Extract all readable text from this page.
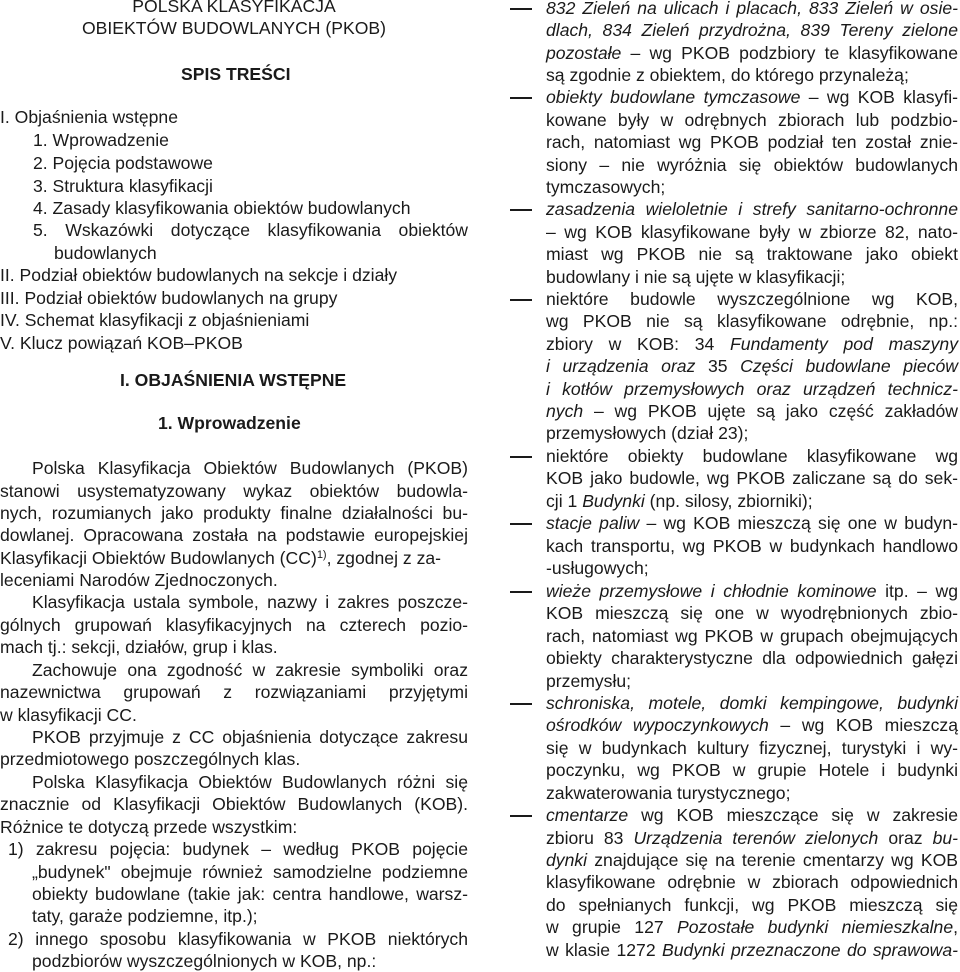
POLSKA KLASYFIKACJA
OBIEKTÓW BUDOWLANYCH (PKOB)
SPIS TREŚCI
I. Objaśnienia wstępne
1. Wprowadzenie
2. Pojęcia podstawowe
3. Struktura klasyfikacji
4. Zasady klasyfikowania obiektów budowlanych
5. Wskazówki dotyczące klasyfikowania obiektów
budowlanych
II. Podział obiektów budowlanych na sekcje i działy
III. Podział obiektów budowlanych na grupy
IV. Schemat klasyfikacji z objaśnieniami
V. Klucz powiązań KOB–PKOB
I. OBJAŚNIENIA WSTĘPNE
1. Wprowadzenie
Polska Klasyfikacja Obiektów Budowlanych (PKOB)
stanowi usystematyzowany wykaz obiektów budowla-
nych, rozumianych jako produkty finalne działalności bu-
dowlanej. Opracowana została na podstawie europejskiej
Klasyfikacji Obiektów Budowlanych (CC)$^{1)}$, zgodnej z za-
leceniami Narodów Zjednoczonych.
Klasyfikacja ustala symbole, nazwy i zakres poszcze-
gólnych grupowań klasyfikacyjnych na czterech pozio-
mach tj.: sekcji, działów, grup i klas.
Zachowuje ona zgodność w zakresie symboliki oraz
nazewnictwa grupowań z rozwiązaniami przyjętymi
w klasyfikacji CC.
PKOB przyjmuje z CC objaśnienia dotyczące zakresu
przedmiotowego poszczególnych klas.
Polska Klasyfikacja Obiektów Budowlanych różni się
znacznie od Klasyfikacji Obiektów Budowlanych (KOB).
Różnice te dotyczą przede wszystkim:
1) zakresu pojęcia: budynek – według PKOB pojęcie
„budynek" obejmuje również samodzielne podziemne
obiekty budowlane (takie jak: centra handlowe, warsz-
taty, garaże podziemne, itp.);
2) innego sposobu klasyfikowania w PKOB niektórych
podzbiorów wyszczególnionych w KOB, np.:
832 Zieleń na ulicach i placach, 833 Zieleń w osie-
dlach, 834 Zieleń przydrożna, 839 Tereny zielone
pozostałe – wg PKOB podzbiory te klasyfikowane
są zgodnie z obiektem, do którego przynależą;
obiekty budowlane tymczasowe – wg KOB klasyfi-
kowane były w odrębnych zbiorach lub podzbio-
rach, natomiast wg PKOB podział ten został znie-
siony – nie wyróżnia się obiektów budowlanych
tymczasowych;
zasadzenia wieloletnie i strefy sanitarno-ochronne
– wg KOB klasyfikowane były w zbiorze 82, nato-
miast wg PKOB nie są traktowane jako obiekt
budowlany i nie są ujęte w klasyfikacji;
niektóre budowle wyszczególnione wg KOB,
wg PKOB nie są klasyfikowane odrębnie, np.:
zbiory w KOB: 34 Fundamenty pod maszyny
i urządzenia oraz 35 Części budowlane pieców
i kotłów przemysłowych oraz urządzeń technicz-
nych – wg PKOB ujęte są jako część zakładów
przemysłowych (dział 23);
niektóre obiekty budowlane klasyfikowane wg
KOB jako budowle, wg PKOB zaliczane są do sek-
cji 1 Budynki (np. silosy, zbiorniki);
stacje paliw – wg KOB mieszczą się one w budyn-
kach transportu, wg PKOB w budynkach handlowo
-usługowych;
wieże przemysłowe i chłodnie kominowe itp. – wg
KOB mieszczą się one w wyodrębnionych zbio-
rach, natomiast wg PKOB w grupach obejmujących
obiekty charakterystyczne dla odpowiednich gałęzi
przemysłu;
schroniska, motele, domki kempingowe, budynki
ośrodków wypoczynkowych – wg KOB mieszczą
się w budynkach kultury fizycznej, turystyki i wy-
poczynku, wg PKOB w grupie Hotele i budynki
zakwaterowania turystycznego;
cmentarze wg KOB mieszczące się w zakresie
zbioru 83 Urządzenia terenów zielonych oraz bu-
dynki znajdujące się na terenie cmentarzy wg KOB
klasyfikowane odrębnie w zbiorach odpowiednich
do spełnianych funkcji, wg PKOB mieszczą się
w grupie 127 Pozostałe budynki niemieszkalne,
w klasie 1272 Budynki przeznaczone do sprawowa-
